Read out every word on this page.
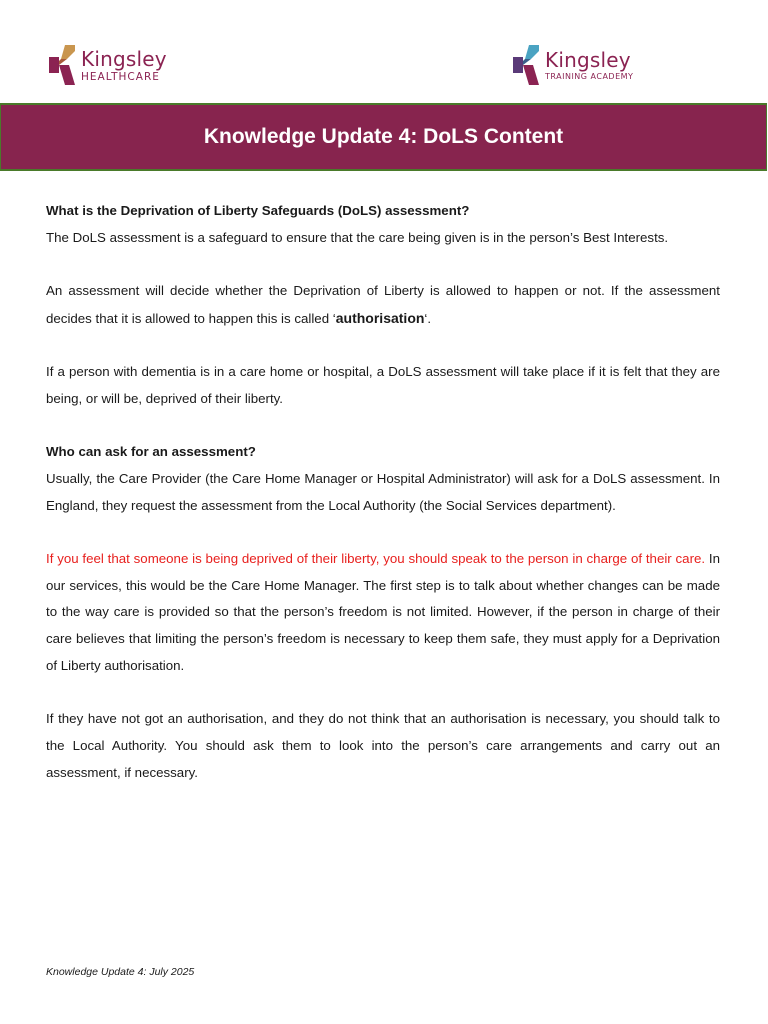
Kingsley
HEALTHCARE
Kingsley
TRAINING ACADEMY
Knowledge Update 4: DoLS Content

What is the Deprivation of Liberty Safeguards (DoLS) assessment?

The DoLS assessment is a safeguard to ensure that the care being given is in the person’s Best Interests.

An assessment will decide whether the Deprivation of Liberty is allowed to happen or not. If the assessment decides that it is allowed to happen this is called ‘authorisation‘.

If a person with dementia is in a care home or hospital, a DoLS assessment will take place if it is felt that they are being, or will be, deprived of their liberty.

Who can ask for an assessment?

Usually, the Care Provider (the Care Home Manager or Hospital Administrator) will ask for a DoLS assessment. In England, they request the assessment from the Local Authority (the Social Services department).

If you feel that someone is being deprived of their liberty, you should speak to the person in charge of their care. In our services, this would be the Care Home Manager. The first step is to talk about whether changes can be made to the way care is provided so that the person’s freedom is not limited. However, if the person in charge of their care believes that limiting the person’s freedom is necessary to keep them safe, they must apply for a Deprivation of Liberty authorisation.

If they have not got an authorisation, and they do not think that an authorisation is necessary, you should talk to the Local Authority. You should ask them to look into the person’s care arrangements and carry out an assessment, if necessary.

Knowledge Update 4: July 2025
